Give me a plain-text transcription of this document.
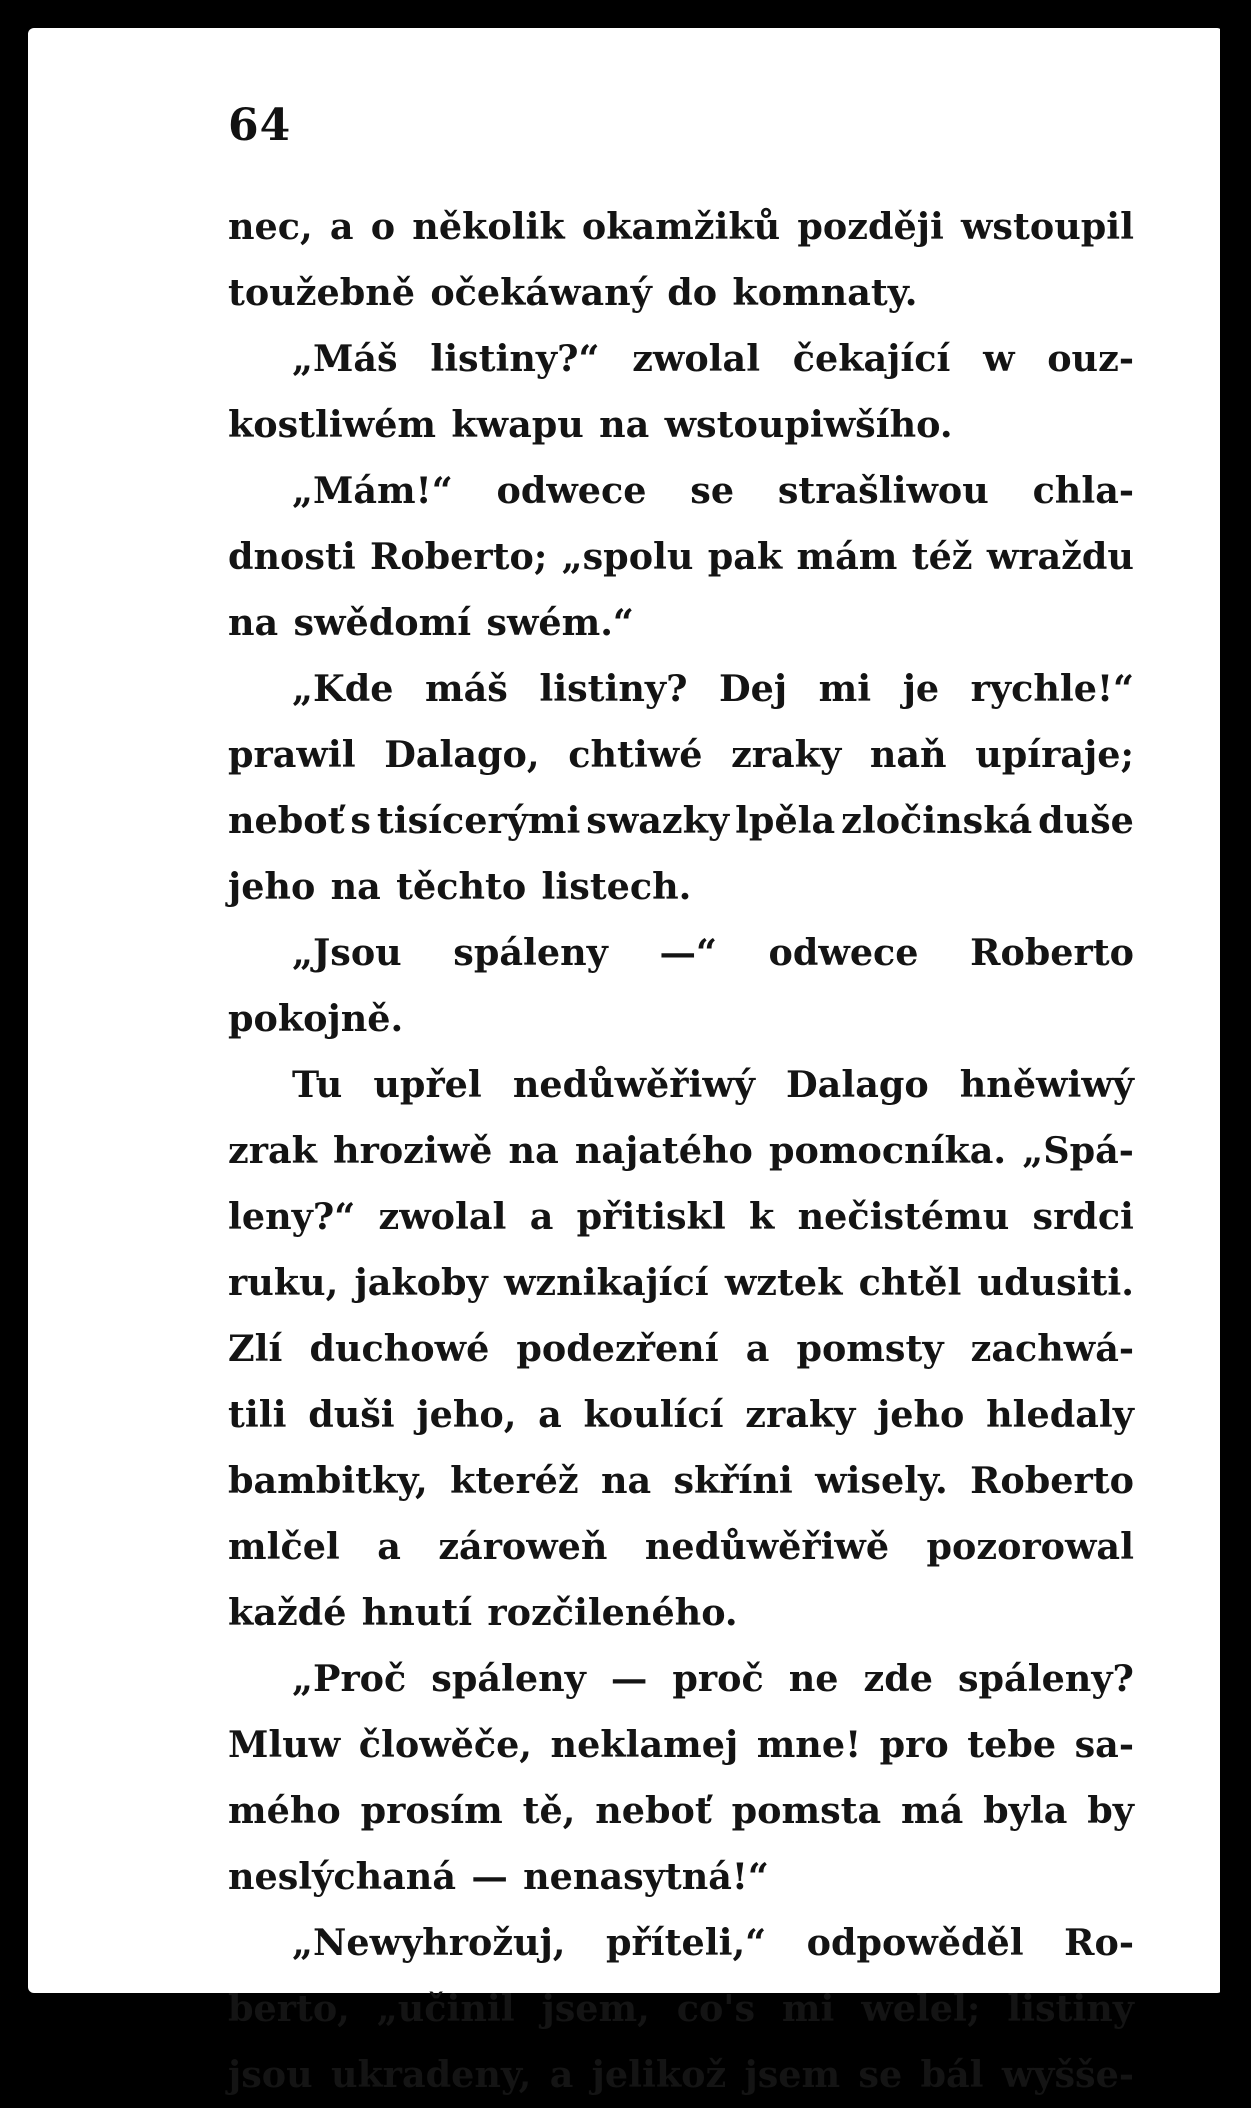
64
nec, a o několik okamžiků později wstoupil
toužebně očekáwaný do komnaty.
„Máš listiny?“ zwolal čekající w ouz-
kostliwém kwapu na wstoupiwšího.
„Mám!“ odwece se strašliwou chla-
dnosti Roberto; „spolu pak mám též wraždu
na swědomí swém.“
„Kde máš listiny? Dej mi je rychle!“
prawil Dalago, chtiwé zraky naň upíraje;
neboť s tisícerými swazky lpěla zločinská duše
jeho na těchto listech.
„Jsou spáleny —“ odwece Roberto
pokojně.
Tu upřel nedůwěřiwý Dalago hněwiwý
zrak hroziwě na najatého pomocníka. „Spá-
leny?“ zwolal a přitiskl k nečistému srdci
ruku, jakoby wznikající wztek chtěl udusiti.
Zlí duchowé podezření a pomsty zachwá-
tili duši jeho, a koulící zraky jeho hledaly
bambitky, kteréž na skříni wisely. Roberto
mlčel a zároweň nedůwěřiwě pozorowal
každé hnutí rozčileného.
„Proč spáleny — proč ne zde spáleny?
Mluw člowěče, neklamej mne! pro tebe sa-
mého prosím tě, neboť pomsta má byla by
neslýchaná — nenasytná!“
„Newyhrožuj, příteli,“ odpowěděl Ro-
berto, „učinil jsem, co's mi welel; listiny
jsou ukradeny, a jelikož jsem se bál wyšše-
